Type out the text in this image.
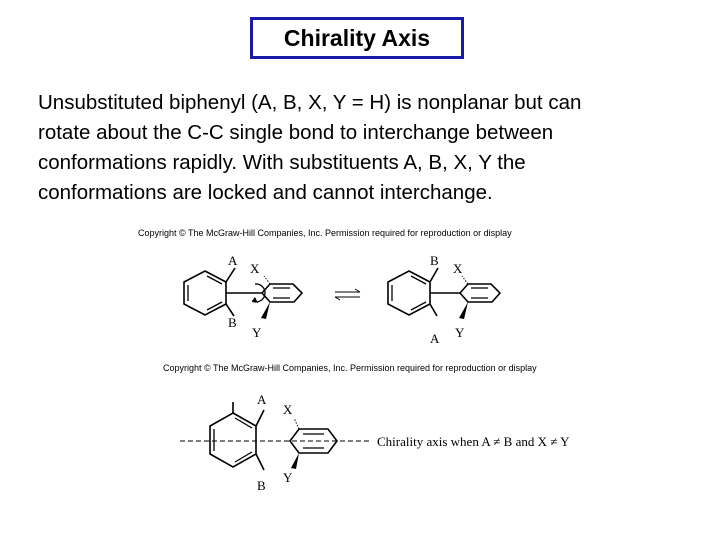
Chirality Axis
Unsubstituted biphenyl (A, B, X, Y = H) is nonplanar but can
rotate about the C-C single bond to interchange between
conformations rapidly. With substituents A, B, X, Y the
conformations are locked and cannot interchange.
Copyright © The McGraw-Hill Companies, Inc. Permission required for reproduction or display
A
B
X
Y
B
A
X
Y
Copyright © The McGraw-Hill Companies, Inc. Permission required for reproduction or display
A
B
X
Y
Chirality axis when A ≠ B and X ≠ Y
